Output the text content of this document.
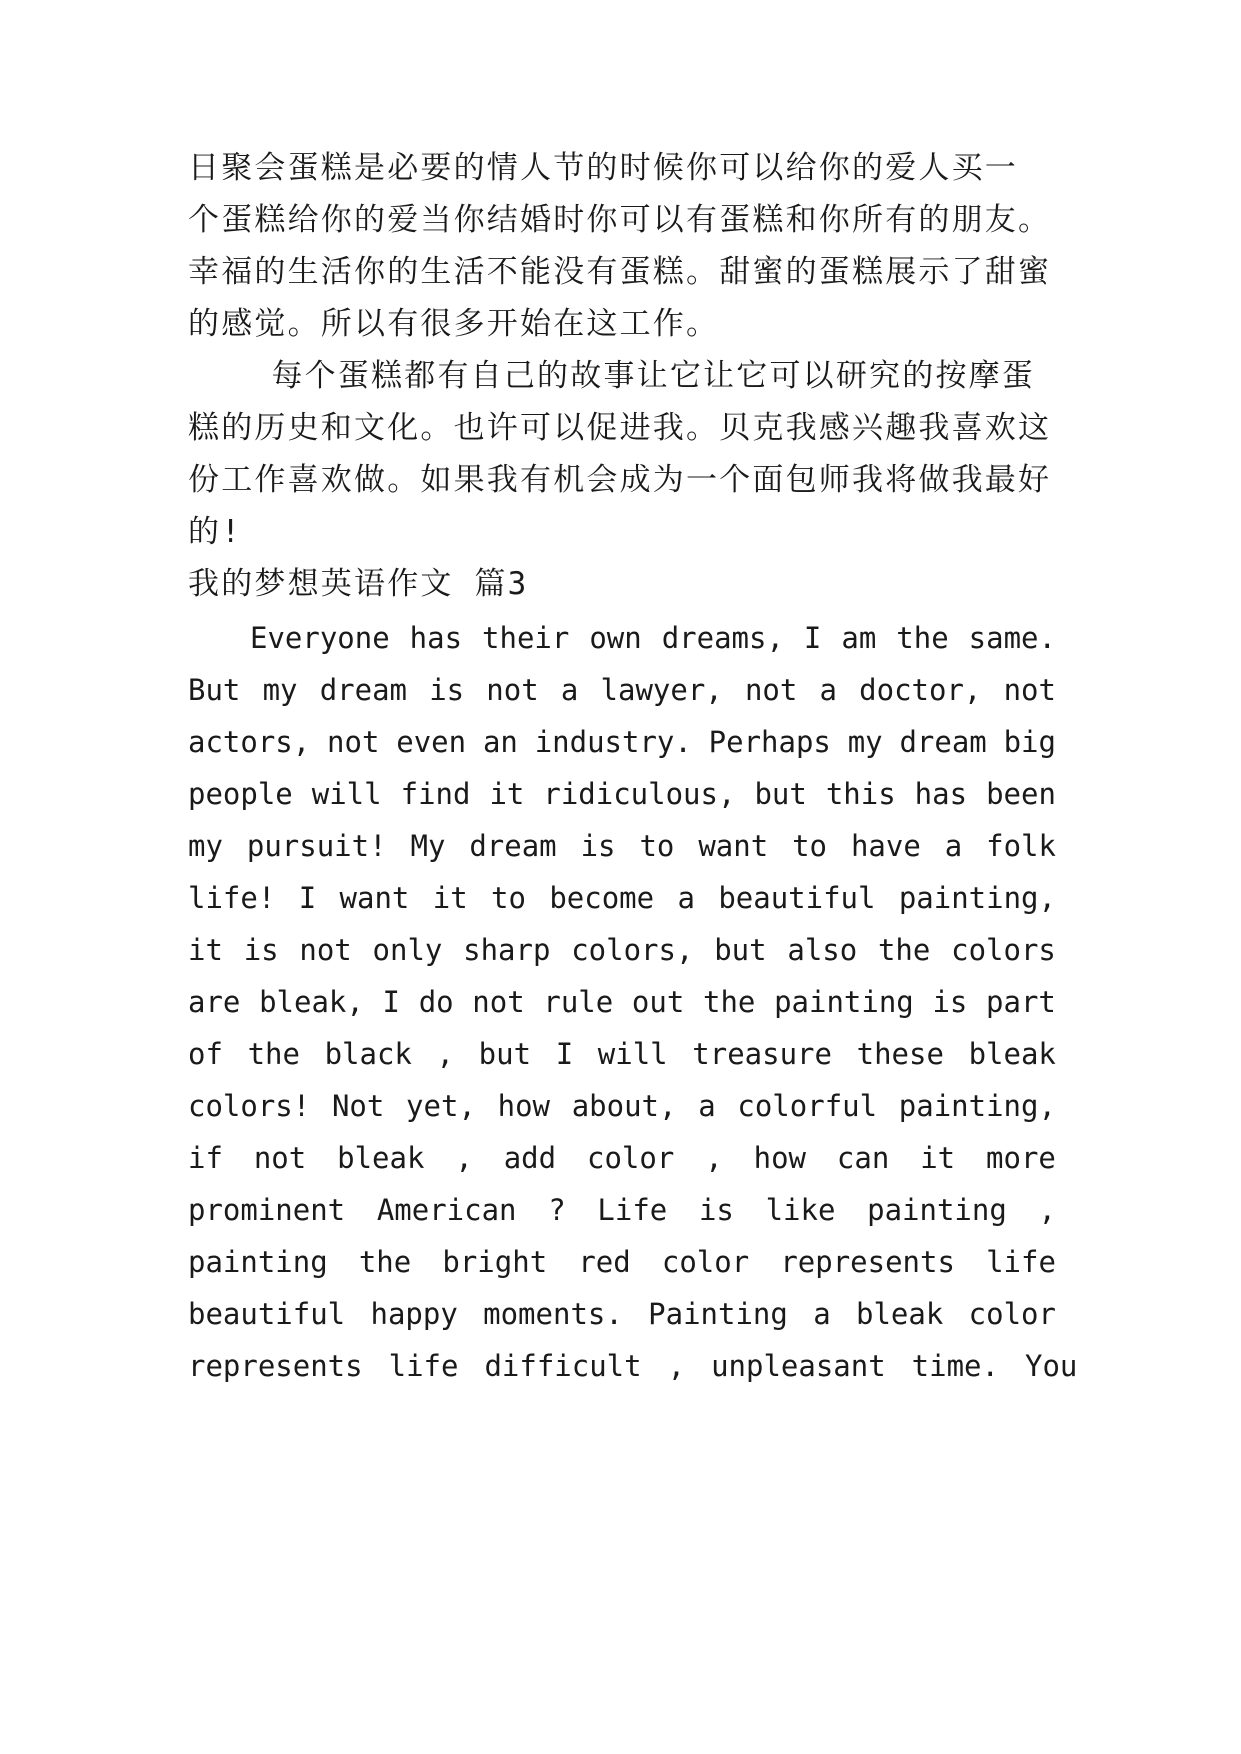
日聚会蛋糕是必要的情人节的时候你可以给你的爱人买一
个蛋糕给你的爱当你结婚时你可以有蛋糕和你所有的朋友。
幸福的生活你的生活不能没有蛋糕。甜蜜的蛋糕展示了甜蜜
的感觉。所以有很多开始在这工作。
每个蛋糕都有自己的故事让它让它可以研究的按摩蛋
糕的历史和文化。也许可以促进我。贝克我感兴趣我喜欢这
份工作喜欢做。如果我有机会成为一个面包师我将做我最好
的!
我的梦想英语作文 篇3
Everyone has their own dreams, I am the same.
But my dream is not a lawyer, not a doctor, not
actors, not even an industry. Perhaps my dream big
people will find it ridiculous, but this has been
my pursuit! My dream is to want to have a folk
life! I want it to become a beautiful painting,
it is not only sharp colors, but also the colors
are bleak, I do not rule out the painting is part
of the black , but I will treasure these bleak
colors! Not yet, how about, a colorful painting,
if not bleak , add color , how can it more
prominent American ? Life is like painting ,
painting the bright red color represents life
beautiful happy moments. Painting a bleak color
represents life difficult , unpleasant time. You
